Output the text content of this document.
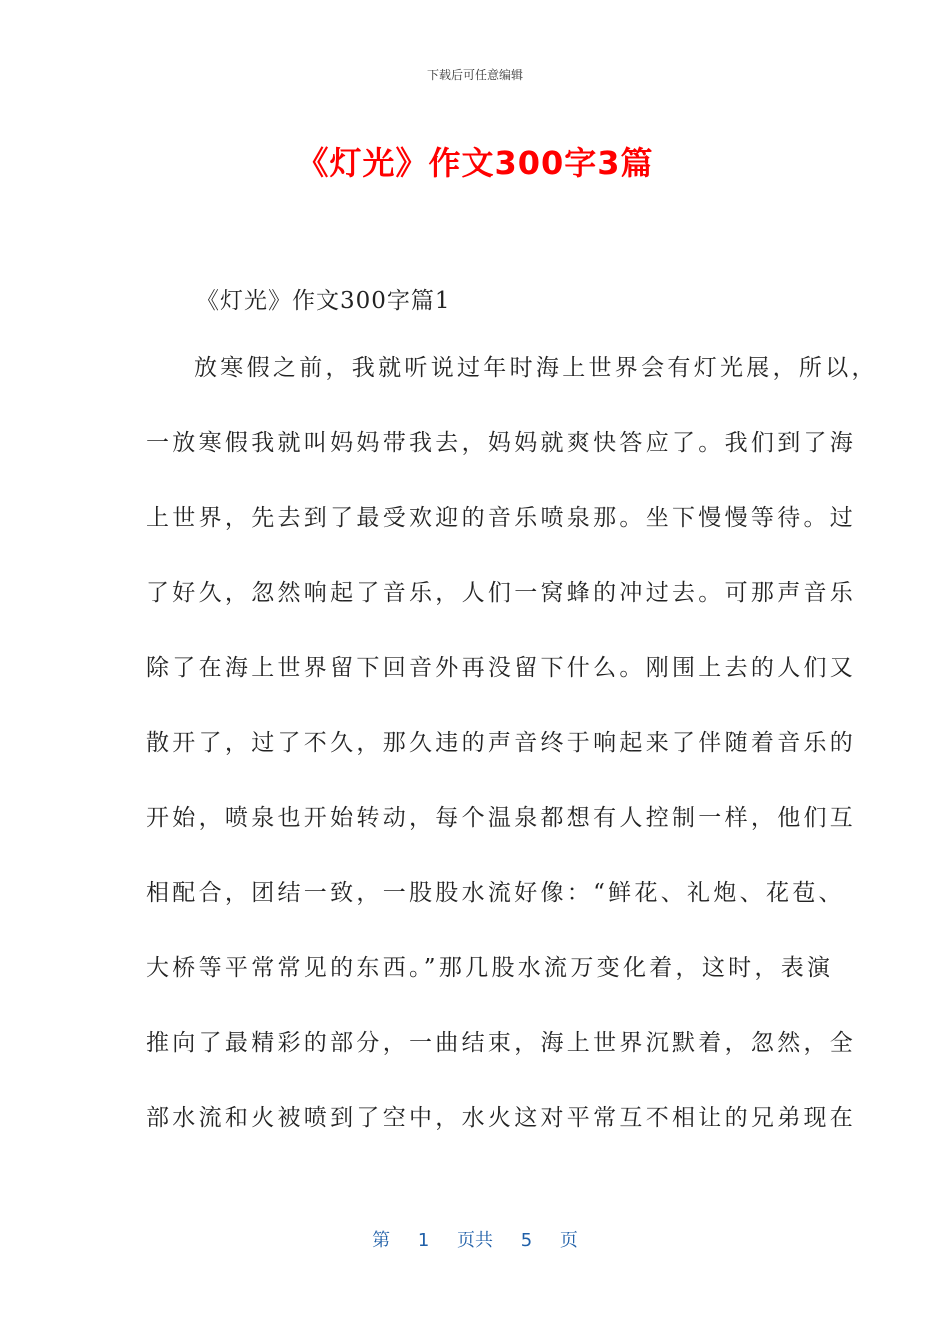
下载后可任意编辑
《灯光》作文300字3篇
《灯光》作文300字篇1
放寒假之前，我就听说过年时海上世界会有灯光展，所以，
一放寒假我就叫妈妈带我去，妈妈就爽快答应了。我们到了海
上世界，先去到了最受欢迎的音乐喷泉那。坐下慢慢等待。过
了好久，忽然响起了音乐，人们一窝蜂的冲过去。可那声音乐
除了在海上世界留下回音外再没留下什么。刚围上去的人们又
散开了，过了不久，那久违的声音终于响起来了伴随着音乐的
开始，喷泉也开始转动，每个温泉都想有人控制一样，他们互
相配合，团结一致，一股股水流好像：“鲜花、礼炮、花苞、
大桥等平常常见的东西。”那几股水流万变化着，这时，表演
推向了最精彩的部分，一曲结束，海上世界沉默着，忽然，全
部水流和火被喷到了空中，水火这对平常互不相让的兄弟现在
第 1 页共 5 页
